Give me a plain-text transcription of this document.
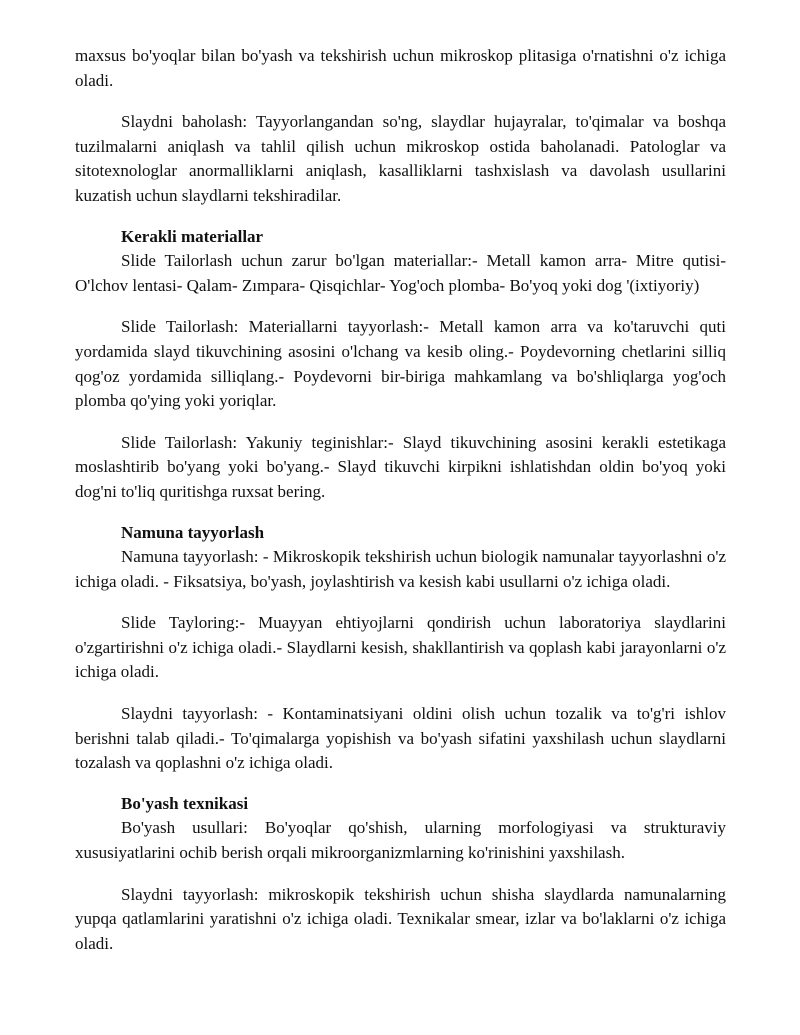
maxsus bo'yoqlar bilan bo'yash va tekshirish uchun mikroskop plitasiga o'rnatishni o'z ichiga oladi.

Slaydni baholash: Tayyorlangandan so'ng, slaydlar hujayralar, to'qimalar va boshqa tuzilmalarni aniqlash va tahlil qilish uchun mikroskop ostida baholanadi. Patologlar va sitotexnologlar anormalliklarni aniqlash, kasalliklarni tashxislash va davolash usullarini kuzatish uchun slaydlarni tekshiradilar.

Kerakli materiallar

Slide Tailorlash uchun zarur bo'lgan materiallar:- Metall kamon arra- Mitre qutisi- O'lchov lentasi- Qalam- Zımpara- Qisqichlar- Yog'och plomba- Bo'yoq yoki dog '(ixtiyoriy)

Slide Tailorlash: Materiallarni tayyorlash:- Metall kamon arra va ko'taruvchi quti yordamida slayd tikuvchining asosini o'lchang va kesib oling.- Poydevorning chetlarini silliq qog'oz yordamida silliqlang.- Poydevorni bir-biriga mahkamlang va bo'shliqlarga yog'och plomba qo'ying yoki yoriqlar.

Slide Tailorlash: Yakuniy teginishlar:- Slayd tikuvchining asosini kerakli estetikaga moslashtirib bo'yang yoki bo'yang.- Slayd tikuvchi kirpikni ishlatishdan oldin bo'yoq yoki dog'ni to'liq quritishga ruxsat bering.

Namuna tayyorlash

Namuna tayyorlash: - Mikroskopik tekshirish uchun biologik namunalar tayyorlashni o'z ichiga oladi. - Fiksatsiya, bo'yash, joylashtirish va kesish kabi usullarni o'z ichiga oladi.

Slide Tayloring:- Muayyan ehtiyojlarni qondirish uchun laboratoriya slaydlarini o'zgartirishni o'z ichiga oladi.- Slaydlarni kesish, shakllantirish va qoplash kabi jarayonlarni o'z ichiga oladi.

Slaydni tayyorlash: - Kontaminatsiyani oldini olish uchun tozalik va to'g'ri ishlov berishni talab qiladi.- To'qimalarga yopishish va bo'yash sifatini yaxshilash uchun slaydlarni tozalash va qoplashni o'z ichiga oladi.

Bo'yash texnikasi

Bo'yash usullari: Bo'yoqlar qo'shish, ularning morfologiyasi va strukturaviy xususiyatlarini ochib berish orqali mikroorganizmlarning ko'rinishini yaxshilash.

Slaydni tayyorlash: mikroskopik tekshirish uchun shisha slaydlarda namunalarning yupqa qatlamlarini yaratishni o'z ichiga oladi. Texnikalar smear, izlar va bo'laklarni o'z ichiga oladi.
